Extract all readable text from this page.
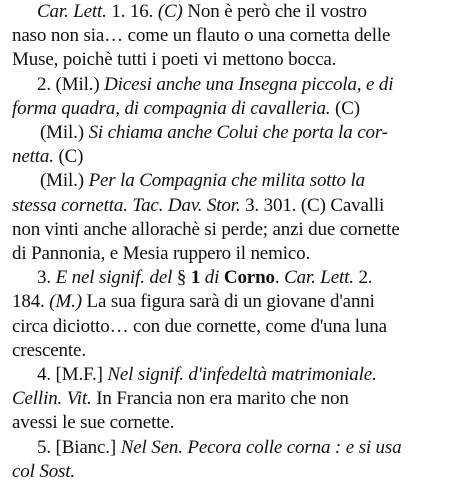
Car. Lett. 1. 16. (C) Non è però che il vostro
naso non sia… come un flauto o una cornetta delle
Muse, poichè tutti i poeti vi mettono bocca.
2. (Mil.) Dicesi anche una Insegna piccola, e di
forma quadra, di compagnia di cavalleria. (C)
(Mil.) Si chiama anche Colui che porta la cor-
netta. (C)
(Mil.) Per la Compagnia che milita sotto la
stessa cornetta. Tac. Dav. Stor. 3. 301. (C) Cavalli
non vinti anche allorachè si perde; anzi due cornette
di Pannonia, e Mesia ruppero il nemico.
3. E nel signif. del § 1 di Corno. Car. Lett. 2.
184. (M.) La sua figura sarà di un giovane d'anni
circa diciotto… con due cornette, come d'una luna
crescente.
4. [M.F.] Nel signif. d'infedeltà matrimoniale.
Cellin. Vit. In Francia non era marito che non
avessi le sue cornette.
5. [Bianc.] Nel Sen. Pecora colle corna : e si usa
col Sost.
